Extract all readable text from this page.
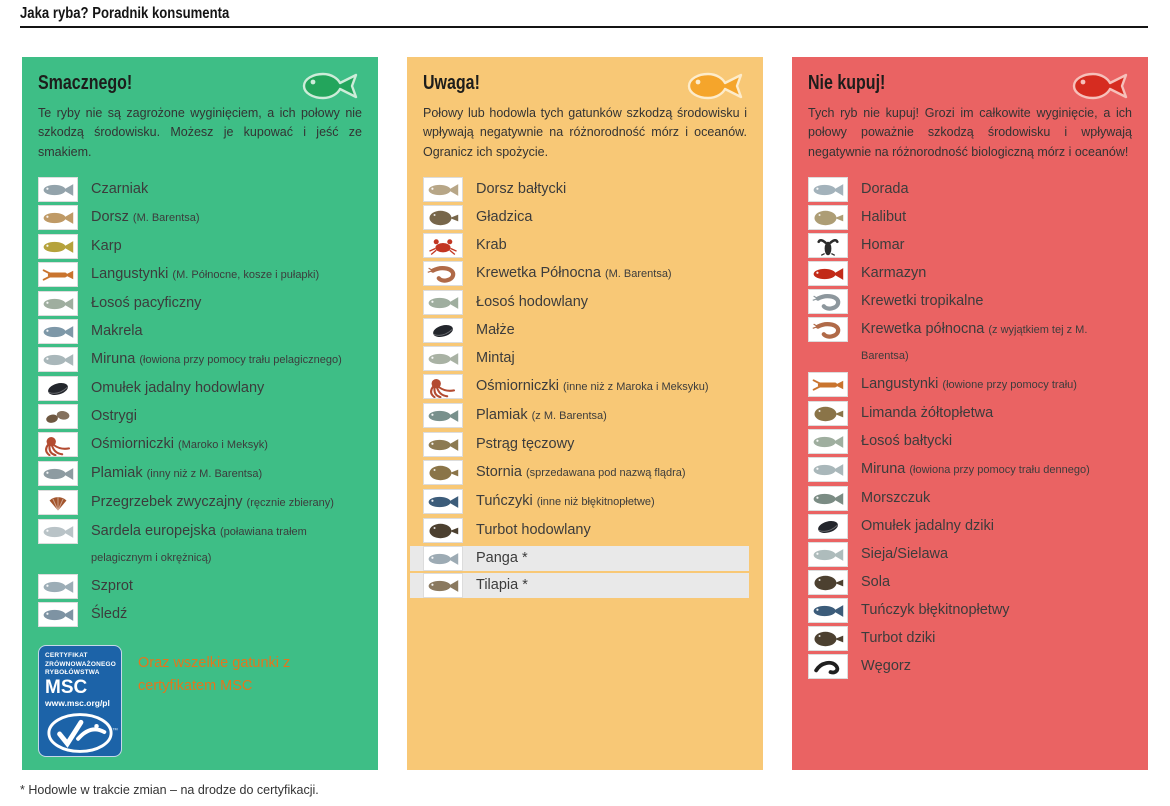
Jaka ryba? Poradnik konsumenta
Smacznego!

Te ryby nie są zagrożone wyginięciem, a ich połowy nie szkodzą środowisku. Możesz je kupować i jeść ze smakiem.

Czarniak
Dorsz (M. Barentsa)
Karp
Langustynki (M. Północne, kosze i pułapki)
Łosoś pacyficzny
Makrela
Miruna (łowiona przy pomocy trału pelagicznego)
Omułek jadalny hodowlany
Ostrygi
Ośmiorniczki (Maroko i Meksyk)
Plamiak (inny niż z M. Barentsa)
Przegrzebek zwyczajny (ręcznie zbierany)
Sardela europejska (poławiana trałem pelagicznym i okrężnicą)
Szprot
Śledź
CERTYFIKAT
ZRÓWNOWAŻONEGO
RYBOŁÓWSTWA
MSC
www.msc.org/pl
™

Oraz wszelkie gatunki z certyfikatem MSC

Uwaga!

Połowy lub hodowla tych gatunków szkodzą środowisku i wpływają negatywnie na różnorodność mórz i oceanów. Ogranicz ich spożycie.

Dorsz bałtycki
Gładzica
Krab
Krewetka Północna (M. Barentsa)
Łosoś hodowlany
Małże
Mintaj
Ośmiorniczki (inne niż z Maroka i Meksyku)
Plamiak (z M. Barentsa)
Pstrąg tęczowy
Stornia (sprzedawana pod nazwą flądra)
Tuńczyki (inne niż błękitnopłetwe)
Turbot hodowlany
Panga *
Tilapia *
Nie kupuj!

Tych ryb nie kupuj! Grozi im całkowite wyginięcie, a ich połowy poważnie szkodzą środowisku i wpływają negatywnie na różnorodność biologiczną mórz i oceanów!

Dorada
Halibut
Homar
Karmazyn
Krewetki tropikalne
Krewetka północna (z wyjątkiem tej z M. Barentsa)
Langustynki (łowione przy pomocy trału)
Limanda żółtopłetwa
Łosoś bałtycki
Miruna (łowiona przy pomocy trału dennego)
Morszczuk
Omułek jadalny dziki
Sieja/Sielawa
Sola
Tuńczyk błękitnopłetwy
Turbot dziki
Węgorz

* Hodowle w trakcie zmian – na drodze do certyfikacji.
